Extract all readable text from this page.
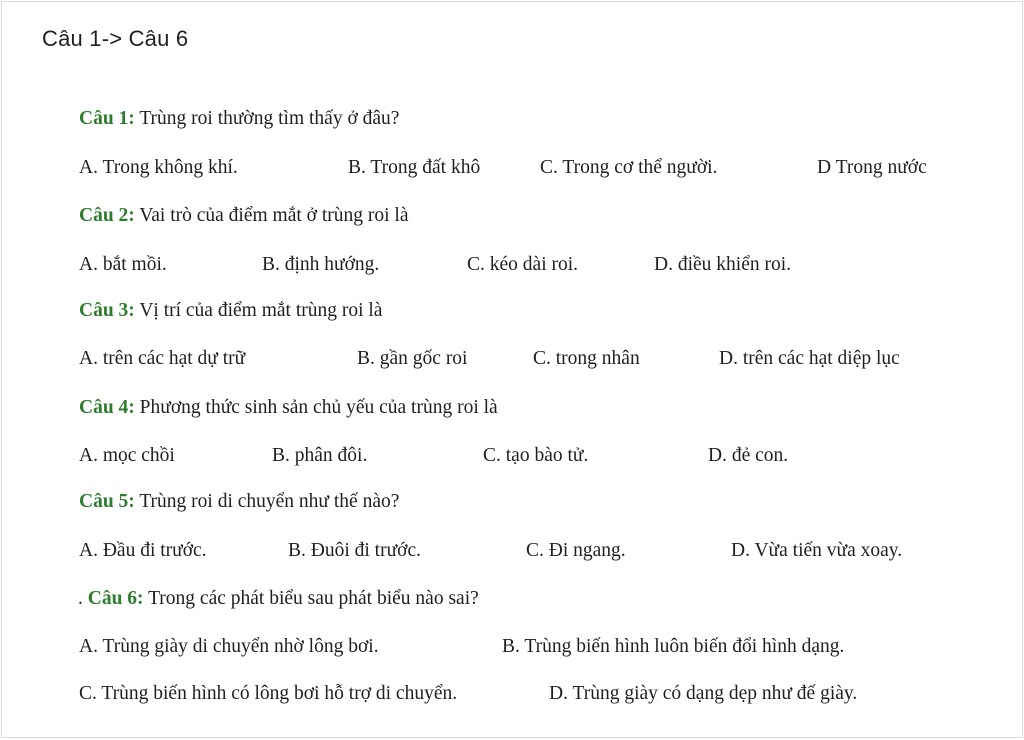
Câu 1-> Câu 6
Câu 1: Trùng roi thường tìm thấy ở đâu?
A. Trong không khí.	B. Trong đất khô	C. Trong cơ thể người.	D Trong nước
Câu 2: Vai trò của điểm mắt ở trùng roi là
A. bắt mồi.	B. định hướng.	C. kéo dài roi.	D. điều khiển roi.
Câu 3: Vị trí của điểm mắt trùng roi là
A. trên các hạt dự trữ	B. gần gốc roi	C. trong nhân	D. trên các hạt diệp lục
Câu 4: Phương thức sinh sản chủ yếu của trùng roi là
A. mọc chồi	B. phân đôi.	C. tạo bào tử.	D. đẻ con.
Câu 5: Trùng roi di chuyển như thế nào?
A. Đầu đi trước.	B. Đuôi đi trước.	C. Đi ngang.	D. Vừa tiến vừa xoay.
. Câu 6: Trong các phát biểu sau phát biểu nào sai?
A. Trùng giày di chuyển nhờ lông bơi.	B. Trùng biến hình luôn biến đổi hình dạng.
C. Trùng biến hình có lông bơi hỗ trợ di chuyển.	D. Trùng giày có dạng dẹp như đế giày.
